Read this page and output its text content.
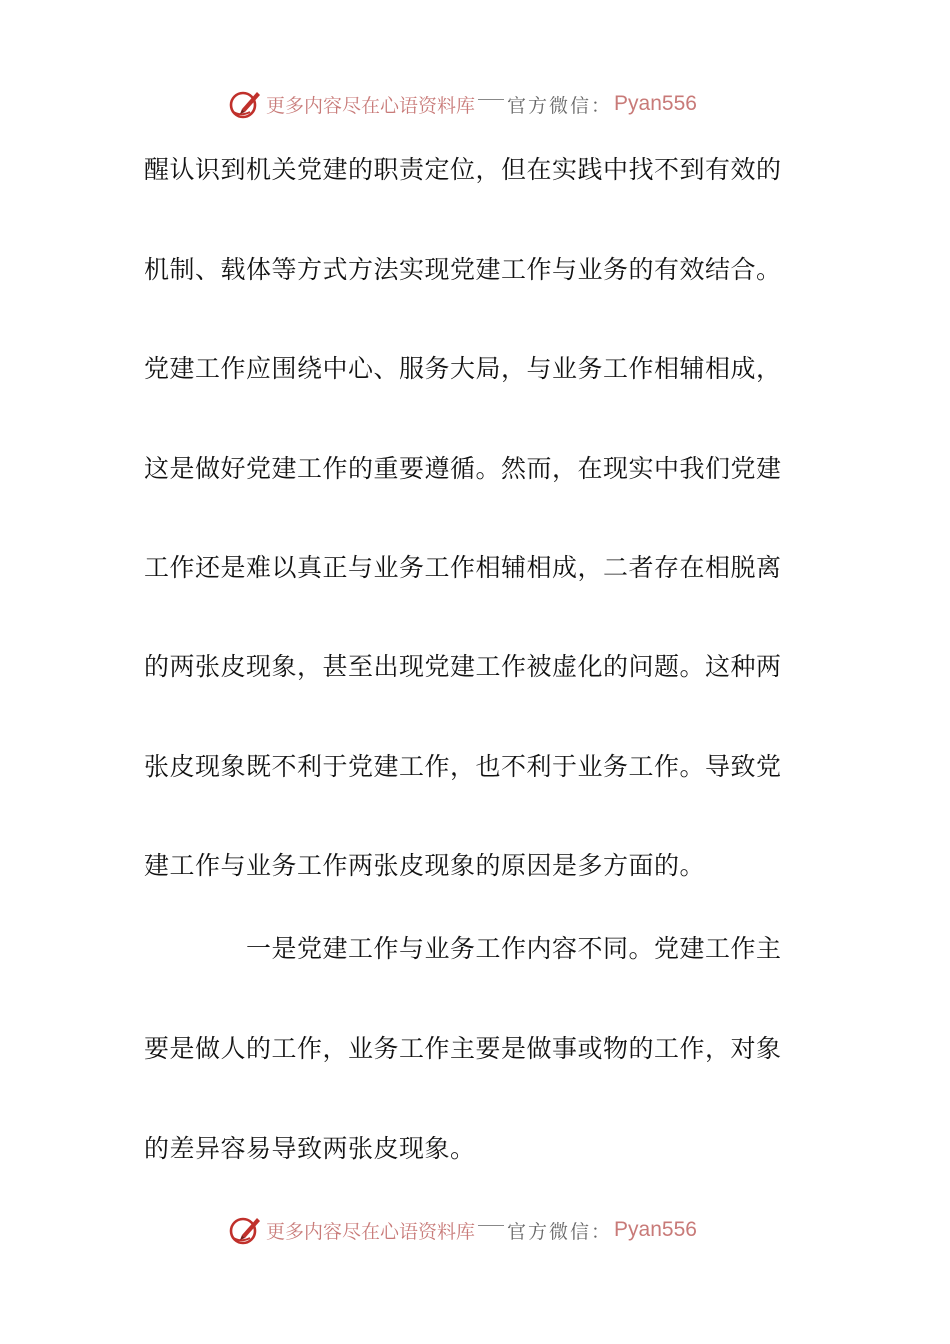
更多内容尽在心语资料库 官方微信： Pyan556
醒认识到机关党建的职责定位，但在实践中找不到有效的
机制、载体等方式方法实现党建工作与业务的有效结合。
党建工作应围绕中心、服务大局，与业务工作相辅相成，
这是做好党建工作的重要遵循。然而，在现实中我们党建
工作还是难以真正与业务工作相辅相成，二者存在相脱离
的两张皮现象，甚至出现党建工作被虚化的问题。这种两
张皮现象既不利于党建工作，也不利于业务工作。导致党
建工作与业务工作两张皮现象的原因是多方面的。
一是党建工作与业务工作内容不同。党建工作主
要是做人的工作，业务工作主要是做事或物的工作，对象
的差异容易导致两张皮现象。
更多内容尽在心语资料库 官方微信： Pyan556
